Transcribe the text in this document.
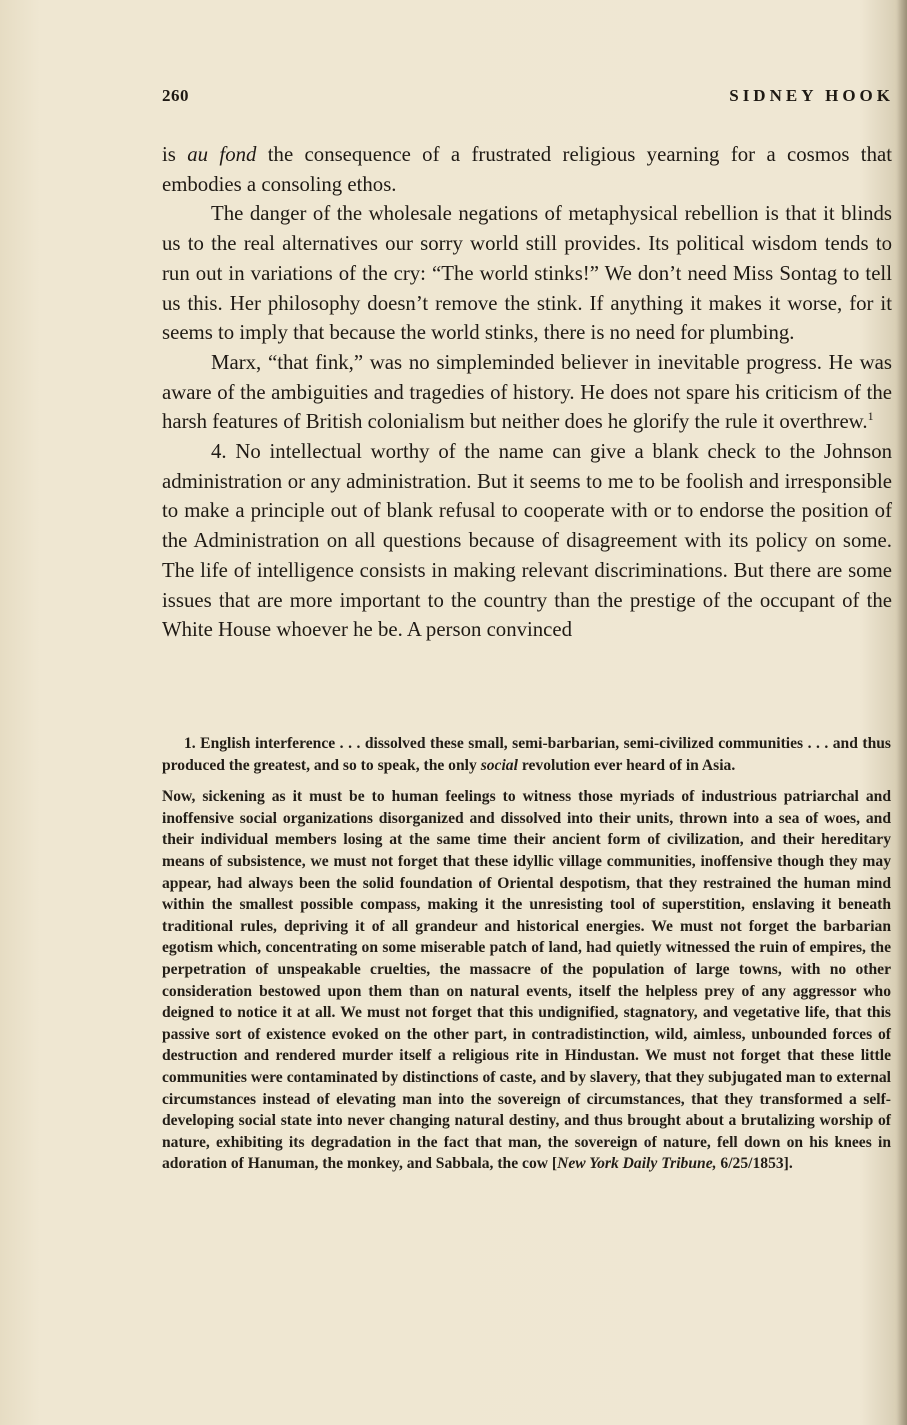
260	SIDNEY HOOK

is au fond the consequence of a frustrated religious yearning for a cosmos that embodies a consoling ethos.

The danger of the wholesale negations of metaphysical rebellion is that it blinds us to the real alternatives our sorry world still provides. Its political wisdom tends to run out in variations of the cry: “The world stinks!” We don’t need Miss Sontag to tell us this. Her philosophy doesn’t remove the stink. If anything it makes it worse, for it seems to imply that because the world stinks, there is no need for plumbing.

Marx, “that fink,” was no simpleminded believer in inevitable progress. He was aware of the ambiguities and tragedies of history. He does not spare his criticism of the harsh features of British colonialism but neither does he glorify the rule it overthrew.$^1$

4. No intellectual worthy of the name can give a blank check to the Johnson administration or any administration. But it seems to me to be foolish and irresponsible to make a principle out of blank refusal to cooperate with or to endorse the position of the Administration on all questions because of disagreement with its policy on some. The life of intelligence consists in making relevant discriminations. But there are some issues that are more important to the country than the prestige of the occupant of the White House whoever he be. A person convinced

1. English interference . . . dissolved these small, semi-barbarian, semi-civilized communities . . . and thus produced the greatest, and so to speak, the only social revolution ever heard of in Asia.

Now, sickening as it must be to human feelings to witness those myriads of industrious patriarchal and inoffensive social organizations disorganized and dissolved into their units, thrown into a sea of woes, and their individual members losing at the same time their ancient form of civilization, and their hereditary means of subsistence, we must not forget that these idyllic village communities, inoffensive though they may appear, had always been the solid foundation of Oriental despotism, that they restrained the human mind within the smallest possible compass, making it the unresisting tool of superstition, enslaving it beneath traditional rules, depriving it of all grandeur and historical energies. We must not forget the barbarian egotism which, concentrating on some miserable patch of land, had quietly witnessed the ruin of empires, the perpetration of unspeakable cruelties, the massacre of the population of large towns, with no other consideration bestowed upon them than on natural events, itself the helpless prey of any aggressor who deigned to notice it at all. We must not forget that this undignified, stagnatory, and vegetative life, that this passive sort of existence evoked on the other part, in contradistinction, wild, aimless, unbounded forces of destruction and rendered murder itself a religious rite in Hindustan. We must not forget that these little communities were contaminated by distinctions of caste, and by slavery, that they subjugated man to external circumstances instead of elevating man into the sovereign of circumstances, that they transformed a self-developing social state into never changing natural destiny, and thus brought about a brutalizing worship of nature, exhibiting its degradation in the fact that man, the sovereign of nature, fell down on his knees in adoration of Hanuman, the monkey, and Sabbala, the cow [New York Daily Tribune, 6/25/1853].
